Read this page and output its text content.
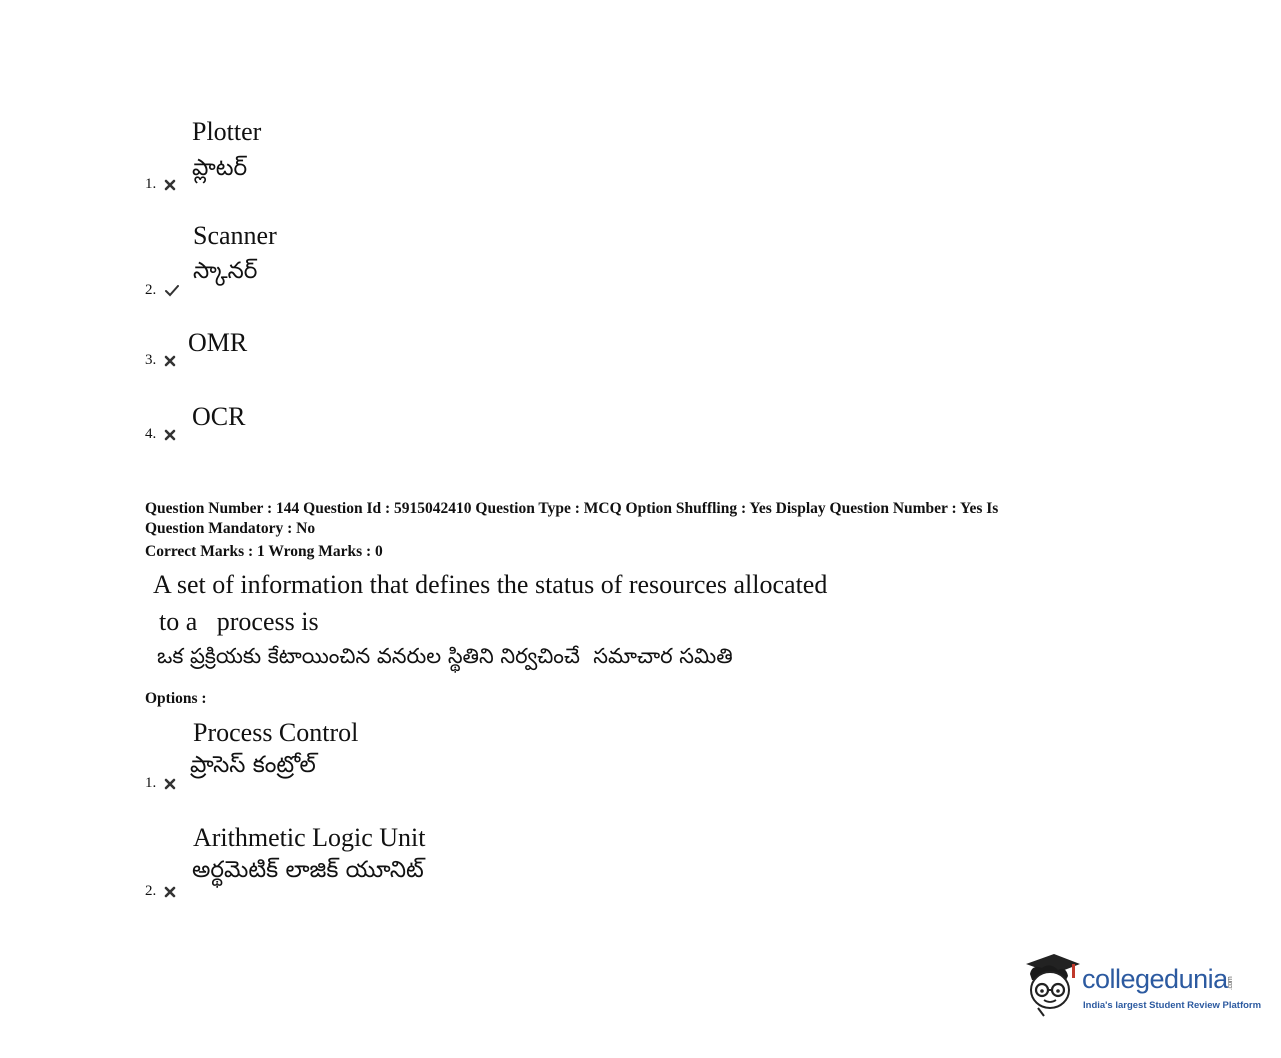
Plotter
ప్లాటర్
1.
Scanner
స్కానర్
2.
OMR
3.
OCR
4.
Question Number : 144 Question Id : 5915042410 Question Type : MCQ Option Shuffling : Yes Display Question Number : Yes Is
Question Mandatory : No
Correct Marks : 1 Wrong Marks : 0
A set of information that defines the status of resources allocated
to a   process is
ఒక ప్రక్రియకు కేటాయించిన వనరుల స్థితిని నిర్వచించే  సమాచార సమితి
Options :
Process Control
ప్రాసెస్ కంట్రోల్
1.
Arithmetic Logic Unit
అర్థమెటిక్ లాజిక్ యూనిట్
2.
collegedunia.com
India's largest Student Review Platform
